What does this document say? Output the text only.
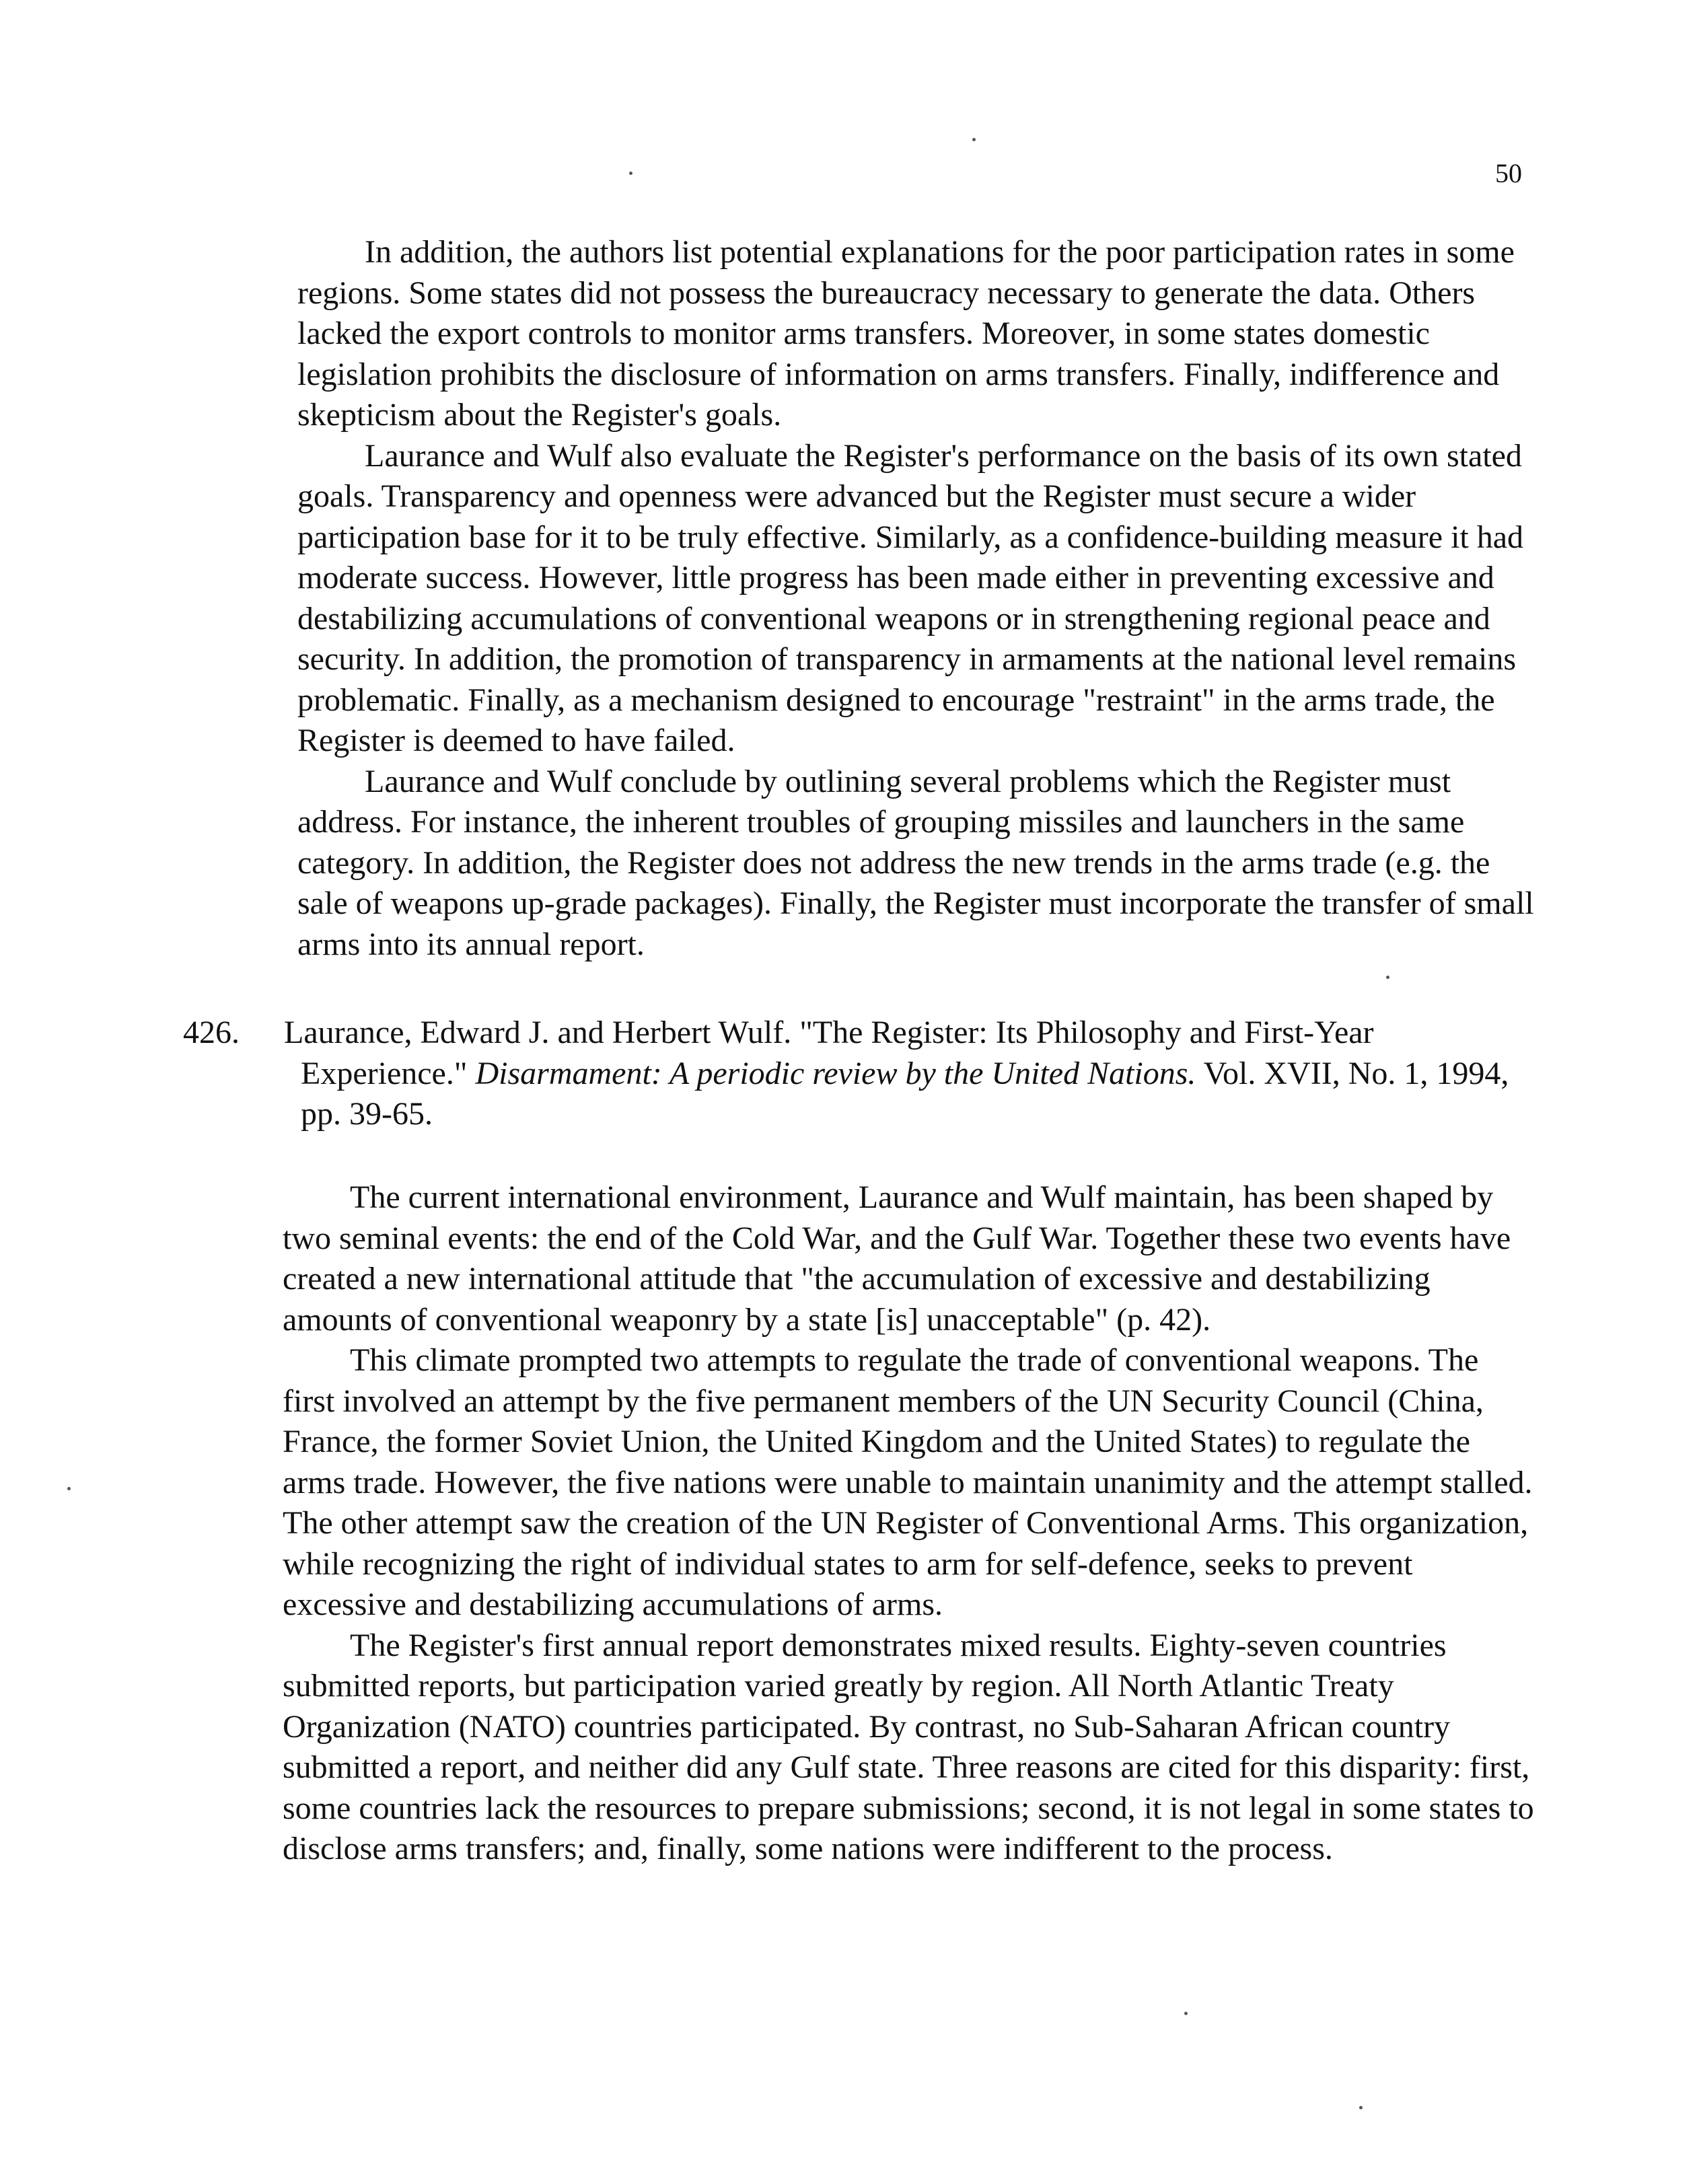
50

In addition, the authors list potential explanations for the poor participation rates in some regions. Some states did not possess the bureaucracy necessary to generate the data. Others lacked the export controls to monitor arms transfers. Moreover, in some states domestic legislation prohibits the disclosure of information on arms transfers. Finally, indifference and skepticism about the Register's goals.

Laurance and Wulf also evaluate the Register's performance on the basis of its own stated goals. Transparency and openness were advanced but the Register must secure a wider participation base for it to be truly effective. Similarly, as a confidence-building measure it had moderate success. However, little progress has been made either in preventing excessive and destabilizing accumulations of conventional weapons or in strengthening regional peace and security. In addition, the promotion of transparency in armaments at the national level remains problematic. Finally, as a mechanism designed to encourage "restraint" in the arms trade, the Register is deemed to have failed.

Laurance and Wulf conclude by outlining several problems which the Register must address. For instance, the inherent troubles of grouping missiles and launchers in the same category. In addition, the Register does not address the new trends in the arms trade (e.g. the sale of weapons up-grade packages). Finally, the Register must incorporate the transfer of small arms into its annual report.

426. Laurance, Edward J. and Herbert Wulf. "The Register: Its Philosophy and First-Year Experience." Disarmament: A periodic review by the United Nations. Vol. XVII, No. 1, 1994, pp. 39-65.

The current international environment, Laurance and Wulf maintain, has been shaped by two seminal events: the end of the Cold War, and the Gulf War. Together these two events have created a new international attitude that "the accumulation of excessive and destabilizing amounts of conventional weaponry by a state [is] unacceptable" (p. 42).

This climate prompted two attempts to regulate the trade of conventional weapons. The first involved an attempt by the five permanent members of the UN Security Council (China, France, the former Soviet Union, the United Kingdom and the United States) to regulate the arms trade. However, the five nations were unable to maintain unanimity and the attempt stalled. The other attempt saw the creation of the UN Register of Conventional Arms. This organization, while recognizing the right of individual states to arm for self-defence, seeks to prevent excessive and destabilizing accumulations of arms.

The Register's first annual report demonstrates mixed results. Eighty-seven countries submitted reports, but participation varied greatly by region. All North Atlantic Treaty Organization (NATO) countries participated. By contrast, no Sub-Saharan African country submitted a report, and neither did any Gulf state. Three reasons are cited for this disparity: first, some countries lack the resources to prepare submissions; second, it is not legal in some states to disclose arms transfers; and, finally, some nations were indifferent to the process.
